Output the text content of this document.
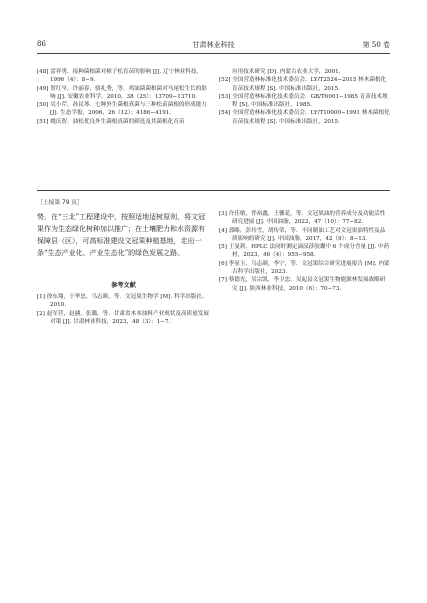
86	甘肃林业科技	第 50 卷

[48] 雷祥勇．接种菌根菌对樟子松育苗的影响 [J]. 辽宁林业科技，1996（4）：8−9.

[49] 贺红早，许丽春，骆礼秀，等．鸡油菌菌根菌对马尾松生长的影响 [J]. 安徽农业科学，2010，38（25）：13709−13710.

[50] 吴小芹，孙民琴．七种外生菌根真菌与三种松苗菌根的形成能力 [J]. 生态学报，2006，26（12）：4186−4191.

[51] 姚庆智．油松优良外生菌根真菌的筛选及其菌根化育苗

应用技术研究 [D]. 内蒙古农业大学，2001.

[52] 全国营造林标准化技术委员会．LY/T2524−2015 林木菌根化育苗技术规程 [S]. 中国标准出版社，2015.

[53] 全国营造林标准化技术委员会．GB/T6001−1985 育苗技术规程 [S]. 中国标准出版社，1985.

[54] 全国营造林标准化技术委员会．LY/T10000−1991 林木菌根化育苗技术规程 [S]. 中国标准出版社，2015.

［上接第 79 页］

势，在“三北”工程建设中，按照适地适树原则，将文冠果作为生态绿化树种加以推广；在土壤肥力和水资源有保障县（区），可高标准建设文冠果种植基地，走出一条“生态产业化、产业生态化”的绿色发展之路。

参考文献

[1] 徐东翔，于华忠，乌志颜，等．文冠果生物学 [M]. 科学出版社，2010.

[2] 赵军营，赵涵，张璐，等．甘肃省木本油料产业现状及高质量发展对策 [J]. 甘肃林业科技，2023，48（3）：1−7.

[3] 许佳敏，伴裕鑫，王馨花，等．文冠果油的营养成分及功能活性研究进展 [J]. 中国油脂，2022，47（10）：77−82.

[4] 郭略，彭玲雪，胡传荣，等．不同制油工艺对文冠果油特性及品质影响的研究 [J]. 中国油脂，2017，42（9）：8−13.

[5] 王曼莉．HPLC 法同时测定滴尿莎胶囊中 6 个成分含量 [J]. 中药材，2023，46（4）：955−958.

[6] 李显玉，乌志颜，李宁，等．文冠果综合研究进展报告 [M]. 内蒙古科学出版社，2023.

[7] 蔡德光，吴宗凯，李卫忠．吴起县文冠果生物能源林发展战略研究 [J]. 陕西林业科技，2010（6）：70−73.
